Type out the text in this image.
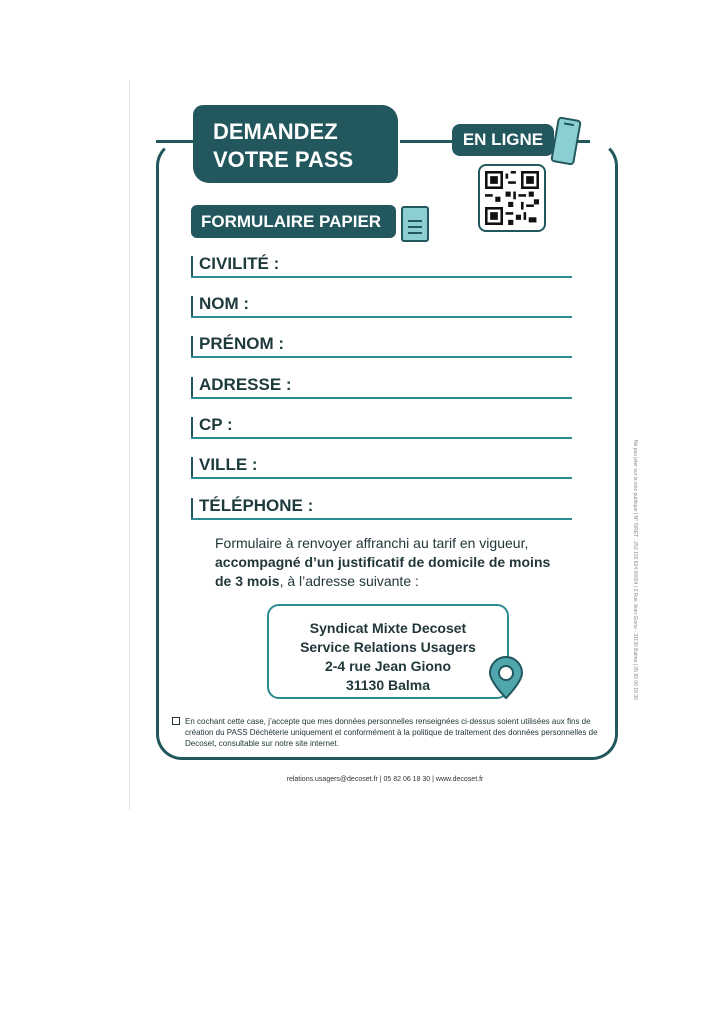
DEMANDEZ
VOTRE PASS
EN LIGNE
FORMULAIRE PAPIER
CIVILITÉ :
NOM :
PRÉNOM :
ADRESSE :
CP :
VILLE :
TÉLÉPHONE :
Formulaire à renvoyer affranchi au tarif en vigueur, accompagné d’un justificatif de domicile de moins de 3 mois, à l’adresse suivante :
Syndicat Mixte Decoset
Service Relations Usagers
2-4 rue Jean Giono
31130 Balma
En cochant cette case, j’accepte que mes données personnelles renseignées ci-dessus soient utilisées aux fins de création du PASS Déchèterie uniquement et conformément à la politique de traitement des données personnelles de Decoset, consultable sur notre site internet.
relations.usagers@decoset.fr | 05 82 06 18 30 | www.decoset.fr
Ne pas jeter sur la voie publique | N° SIRET : 253 102 624 00024 | 2 Rue Jean Giono - 31130 Balma | 05 82 06 18 30
